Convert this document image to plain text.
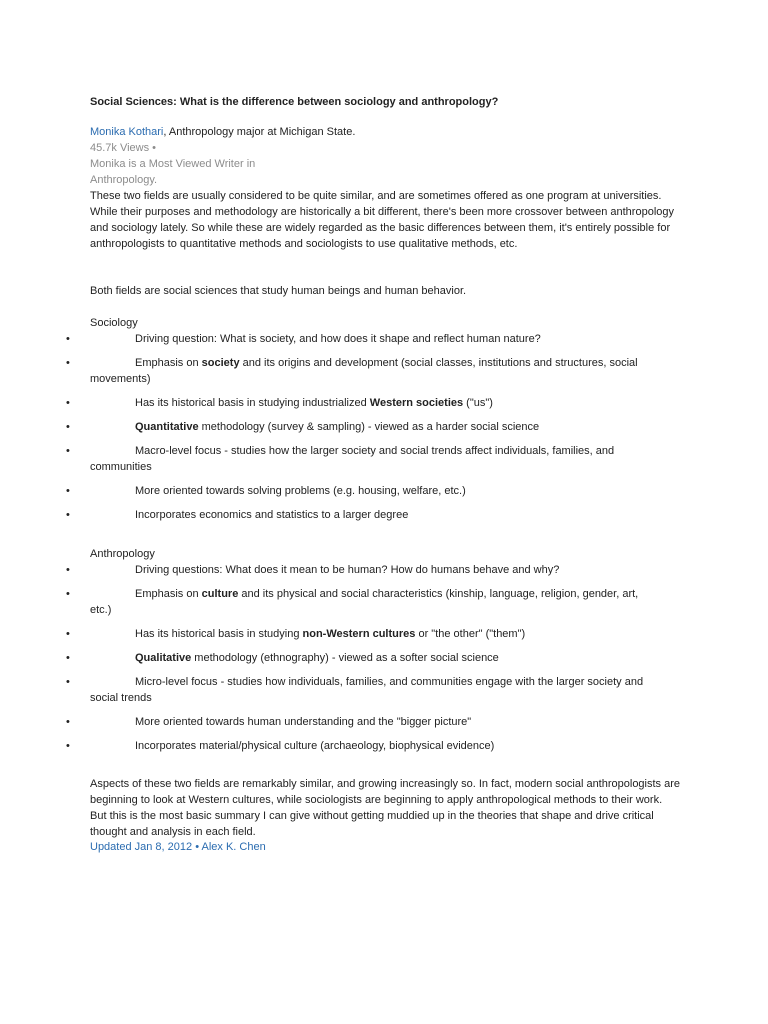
Social Sciences: What is the difference between sociology and anthropology?
Monika Kothari, Anthropology major at Michigan State.
45.7k Views •
Monika is a Most Viewed Writer in
Anthropology.
These two fields are usually considered to be quite similar, and are sometimes offered as one program at universities. While their purposes and methodology are historically a bit different, there's been more crossover between anthropology and sociology lately. So while these are widely regarded as the basic differences between them, it's entirely possible for anthropologists to quantitative methods and sociologists to use qualitative methods, etc.
Both fields are social sciences that study human beings and human behavior.
Sociology
•	Driving question: What is society, and how does it shape and reflect human nature?
•	Emphasis on society and its origins and development (social classes, institutions and structures, social
movements)
•	Has its historical basis in studying industrialized Western societies ("us")
•	Quantitative methodology (survey & sampling) - viewed as a harder social science
•	Macro-level focus - studies how the larger society and social trends affect individuals, families, and
communities
•	More oriented towards solving problems (e.g. housing, welfare, etc.)
•	Incorporates economics and statistics to a larger degree
Anthropology
•	Driving questions: What does it mean to be human? How do humans behave and why?
•	Emphasis on culture and its physical and social characteristics (kinship, language, religion, gender, art,
etc.)
•	Has its historical basis in studying non-Western cultures or "the other" ("them")
•	Qualitative methodology (ethnography) - viewed as a softer social science
•	Micro-level focus - studies how individuals, families, and communities engage with the larger society and
social trends
•	More oriented towards human understanding and the "bigger picture"
•	Incorporates material/physical culture (archaeology, biophysical evidence)
Aspects of these two fields are remarkably similar, and growing increasingly so. In fact, modern social anthropologists are beginning to look at Western cultures, while sociologists are beginning to apply anthropological methods to their work. But this is the most basic summary I can give without getting muddied up in the theories that shape and drive critical thought and analysis in each field.
Updated Jan 8, 2012 • Alex K. Chen
